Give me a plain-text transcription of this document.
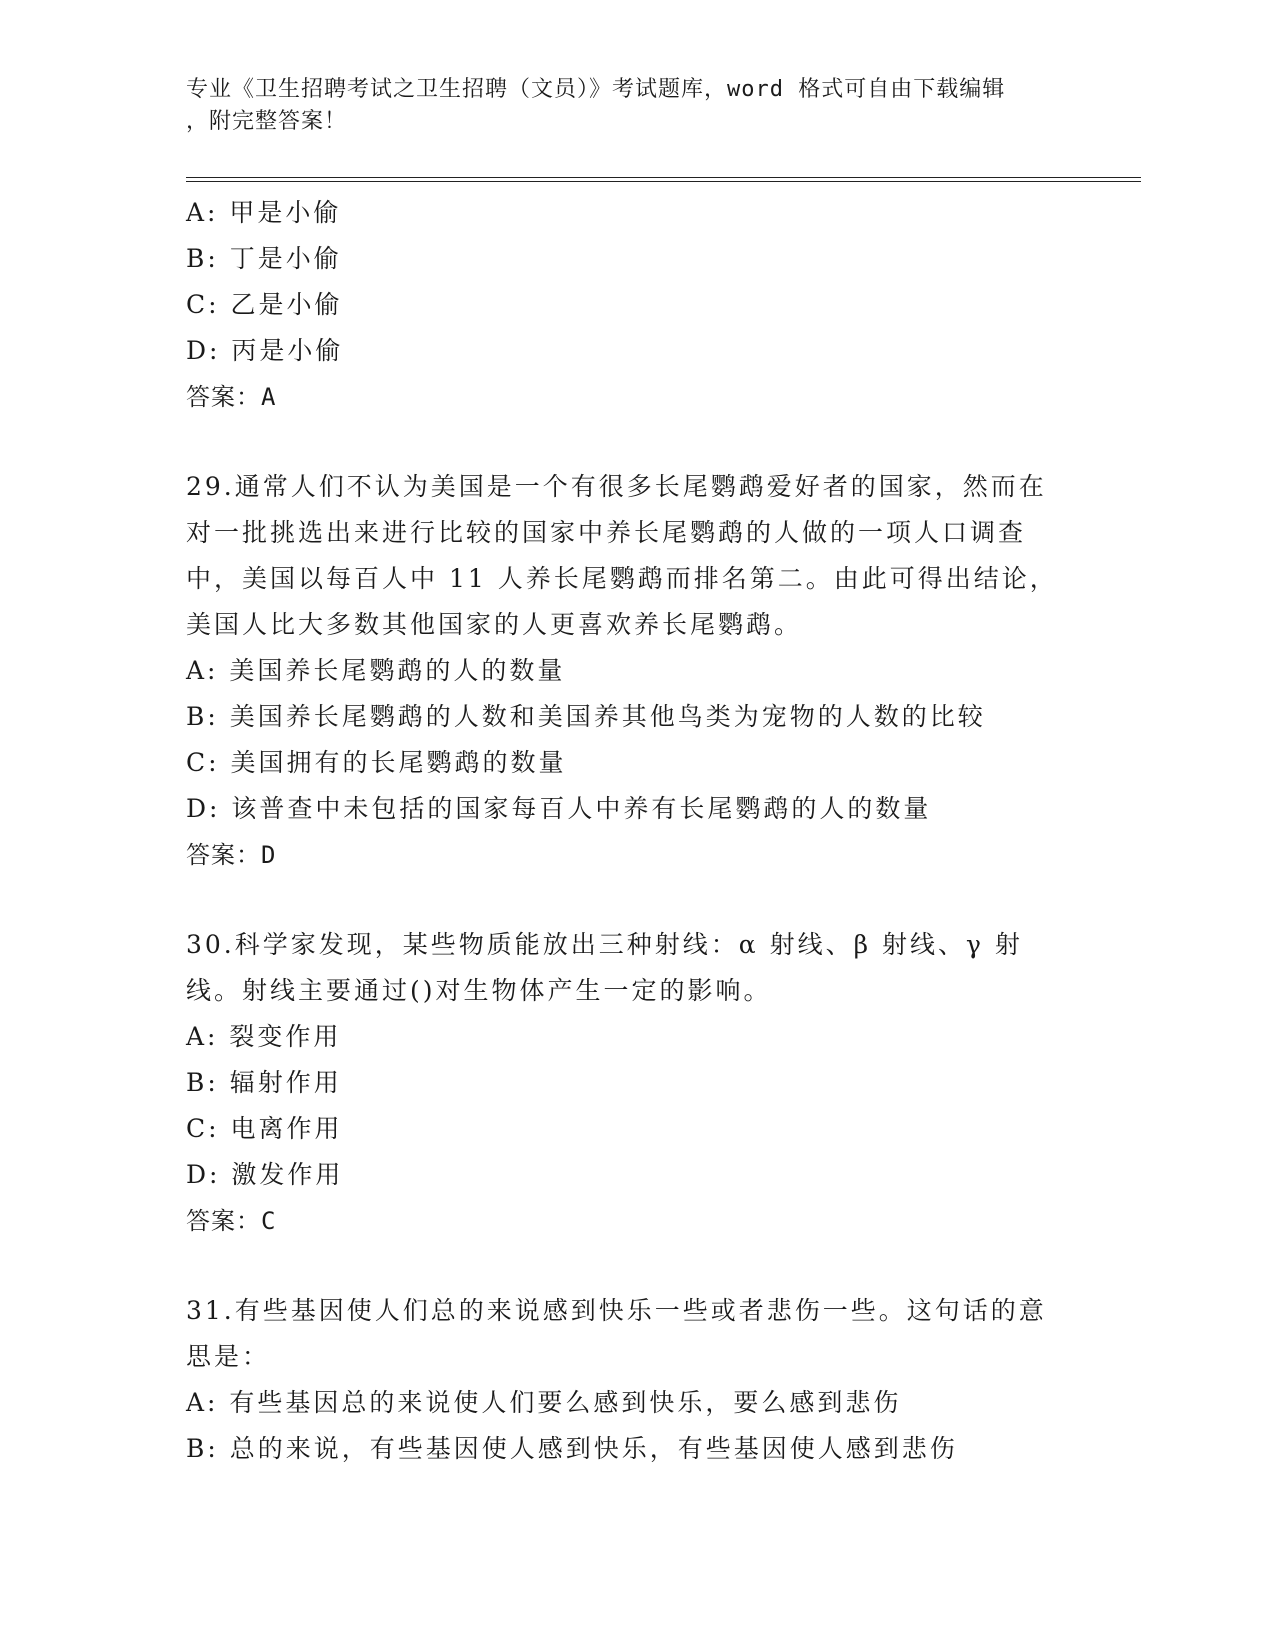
专业《卫生招聘考试之卫生招聘（文员）》考试题库，word 格式可自由下载编辑
，附完整答案！
A: 甲是小偷
B: 丁是小偷
C: 乙是小偷
D: 丙是小偷
答案：A
29.通常人们不认为美国是一个有很多长尾鹦鹉爱好者的国家，然而在
对一批挑选出来进行比较的国家中养长尾鹦鹉的人做的一项人口调查
中，美国以每百人中 11 人养长尾鹦鹉而排名第二。由此可得出结论，
美国人比大多数其他国家的人更喜欢养长尾鹦鹉。
A: 美国养长尾鹦鹉的人的数量
B: 美国养长尾鹦鹉的人数和美国养其他鸟类为宠物的人数的比较
C: 美国拥有的长尾鹦鹉的数量
D: 该普查中未包括的国家每百人中养有长尾鹦鹉的人的数量
答案：D
30.科学家发现，某些物质能放出三种射线：α 射线、β 射线、γ 射
线。射线主要通过()对生物体产生一定的影响。
A: 裂变作用
B: 辐射作用
C: 电离作用
D: 激发作用
答案：C
31.有些基因使人们总的来说感到快乐一些或者悲伤一些。这句话的意
思是：
A: 有些基因总的来说使人们要么感到快乐，要么感到悲伤
B: 总的来说，有些基因使人感到快乐，有些基因使人感到悲伤
